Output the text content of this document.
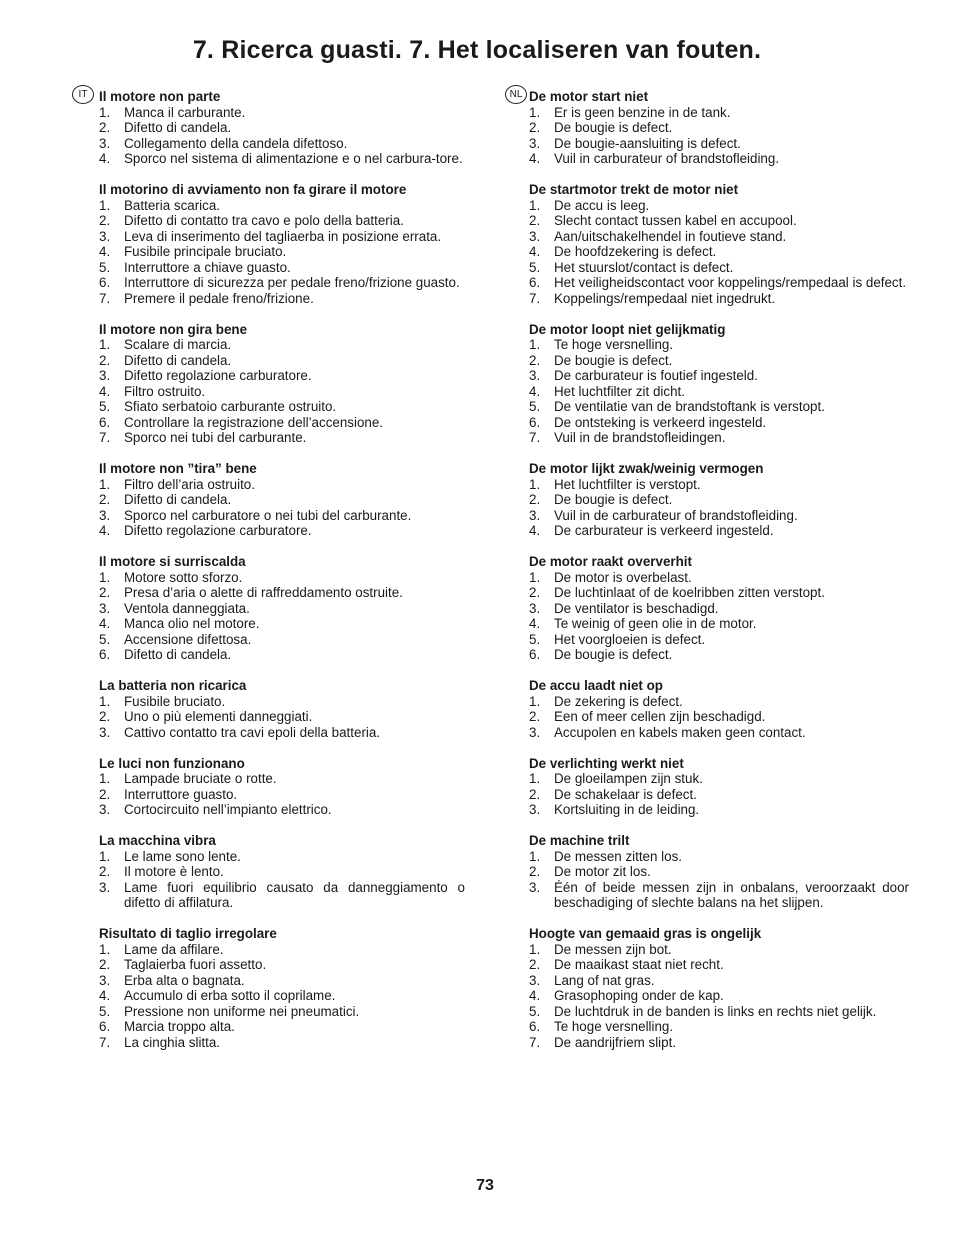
7. Ricerca guasti. 7. Het localiseren van fouten.
IT Il motore non parte
1.	Manca il carburante.
2.	Difetto di candela.
3.	Collegamento della candela difettoso.
4.	Sporco nel sistema di alimentazione e o nel carbura-tore.
Il motorino di avviamento non fa girare il motore
1.	Batteria scarica.
2.	Difetto di contatto tra cavo e polo della batteria.
3.	Leva di inserimento del tagliaerba in posizione errata.
4.	Fusibile principale bruciato.
5.	Interruttore a chiave guasto.
6.	Interruttore di sicurezza per pedale freno/frizione guasto.
7.	Premere il pedale freno/frizione.
Il motore non gira bene
1.	Scalare di marcia.
2.	Difetto di candela.
3.	Difetto regolazione carburatore.
4.	Filtro ostruito.
5.	Sfiato serbatoio carburante ostruito.
6.	Controllare la registrazione dell’accensione.
7.	Sporco nei tubi del carburante.
Il motore non ”tira” bene
1.	Filtro dell’aria ostruito.
2.	Difetto di candela.
3.	Sporco nel carburatore o nei tubi del carburante.
4.	Difetto regolazione carburatore.
Il motore si surriscalda
1.	Motore sotto sforzo.
2.	Presa d’aria o alette di raffreddamento ostruite.
3.	Ventola danneggiata.
4.	Manca olio nel motore.
5.	Accensione difettosa.
6.	Difetto di candela.
La batteria non ricarica
1.	Fusibile bruciato.
2.	Uno o più elementi danneggiati.
3.	Cattivo contatto tra cavi epoli della batteria.
Le luci non funzionano
1.	Lampade bruciate o rotte.
2.	Interruttore guasto.
3.	Cortocircuito nell’impianto elettrico.
La macchina vibra
1.	Le lame sono lente.
2.	Il motore è lento.
3.	Lame fuori equilibrio causato da danneggiamento o difetto di affilatura.
Risultato di taglio irregolare
1.	Lame da affilare.
2.	Taglaierba fuori assetto.
3.	Erba alta o bagnata.
4.	Accumulo di erba sotto il coprilame.
5.	Pressione non uniforme nei pneumatici.
6.	Marcia troppo alta.
7.	La cinghia slitta.
NL De motor start niet
1.	Er is geen benzine in de tank.
2.	De bougie is defect.
3.	De bougie-aansluiting is defect.
4.	Vuil in carburateur of brandstofleiding.
De startmotor trekt de motor niet
1.	De accu is leeg.
2.	Slecht contact tussen kabel en accupool.
3.	Aan/uitschakelhendel in foutieve stand.
4.	De hoofdzekering is defect.
5.	Het stuurslot/contact is defect.
6.	Het veiligheidscontact voor koppelings/rempedaal is defect.
7.	Koppelings/rempedaal niet ingedrukt.
De motor loopt niet gelijkmatig
1.	Te hoge versnelling.
2.	De bougie is defect.
3.	De carburateur is foutief ingesteld.
4.	Het luchtfilter zit dicht.
5.	De ventilatie van de brandstoftank is verstopt.
6.	De ontsteking is verkeerd ingesteld.
7.	Vuil in de brandstofleidingen.
De motor lijkt zwak/weinig vermogen
1.	Het luchtfilter is verstopt.
2.	De bougie is defect.
3.	Vuil in de carburateur of brandstofleiding.
4.	De carburateur is verkeerd ingesteld.
De motor raakt oververhit
1.	De motor is overbelast.
2.	De luchtinlaat of de koelribben zitten verstopt.
3.	De ventilator is beschadigd.
4.	Te weinig of geen olie in de motor.
5.	Het voorgloeien is defect.
6.	De bougie is defect.
De accu laadt niet op
1.	De zekering is defect.
2.	Een of meer cellen zijn beschadigd.
3.	Accupolen en kabels maken geen contact.
De verlichting werkt niet
1.	De gloeilampen zijn stuk.
2.	De schakelaar is defect.
3.	Kortsluiting in de leiding.
De machine trilt
1.	De messen zitten los.
2.	De motor zit los.
3.	Één of beide messen zijn in onbalans, veroorzaakt door beschadiging of slechte balans na het slijpen.
Hoogte van gemaaid gras is ongelijk
1.	De messen zijn bot.
2.	De maaikast staat niet recht.
3.	Lang of nat gras.
4.	Grasophoping onder de kap.
5.	De luchtdruk in de banden is links en rechts niet gelijk.
6.	Te hoge versnelling.
7.	De aandrijfriem slipt.
73
